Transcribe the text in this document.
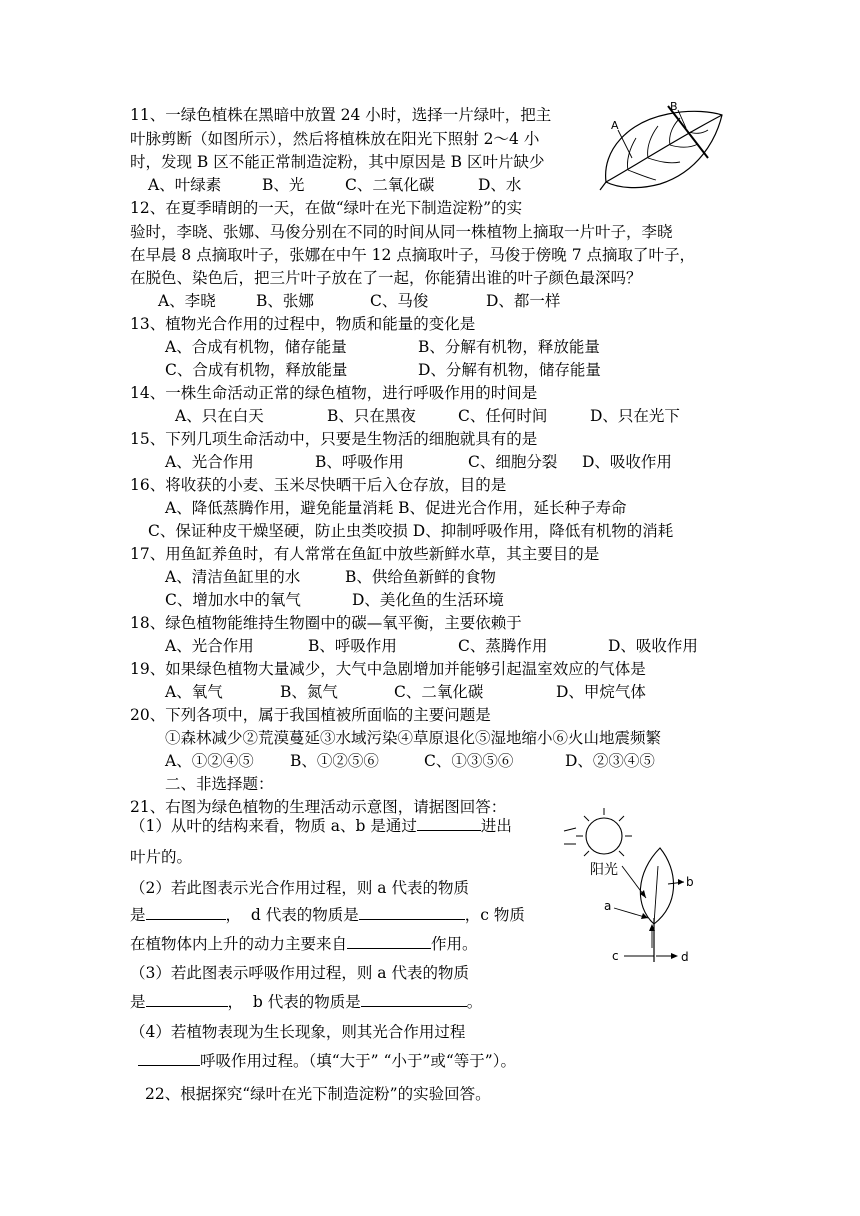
11、一绿色植株在黑暗中放置 24 小时，选择一片绿叶，把主
叶脉剪断（如图所示），然后将植株放在阳光下照射 2～4 小
时，发现 B 区不能正常制造淀粉，其中原因是 B 区叶片缺少
A、叶绿素	B、光	C、二氧化碳	D、水
A
B
12、在夏季晴朗的一天，在做“绿叶在光下制造淀粉”的实
验时，李晓、张娜、马俊分别在不同的时间从同一株植物上摘取一片叶子，李晓
在早晨 8 点摘取叶子，张娜在中午 12 点摘取叶子，马俊于傍晚 7 点摘取了叶子，
在脱色、染色后，把三片叶子放在了一起，你能猜出谁的叶子颜色最深吗？
A、李晓	B、张娜	C、马俊	D、都一样
13、植物光合作用的过程中，物质和能量的变化是
A、合成有机物，储存能量	B、分解有机物，释放能量
C、合成有机物，释放能量	D、分解有机物，储存能量
14、一株生命活动正常的绿色植物，进行呼吸作用的时间是
A、只在白天	B、只在黑夜	C、任何时间	D、只在光下
15、下列几项生命活动中，只要是生物活的细胞就具有的是
A、光合作用	B、呼吸作用	C、细胞分裂 D、吸收作用
16、将收获的小麦、玉米尽快晒干后入仓存放，目的是
A、降低蒸腾作用，避免能量消耗 B、促进光合作用，延长种子寿命
C、保证种皮干燥坚硬，防止虫类咬损 D、抑制呼吸作用，降低有机物的消耗
17、用鱼缸养鱼时，有人常常在鱼缸中放些新鲜水草，其主要目的是
A、清洁鱼缸里的水	B、供给鱼新鲜的食物
C、增加水中的氧气	D、美化鱼的生活环境
18、绿色植物能维持生物圈中的碳—氧平衡，主要依赖于
A、光合作用	B、呼吸作用	C、蒸腾作用	D、吸收作用
19、如果绿色植物大量减少，大气中急剧增加并能够引起温室效应的气体是
A、氧气	B、氮气	C、二氧化碳	D、甲烷气体
20、下列各项中，属于我国植被所面临的主要问题是
①森林减少②荒漠蔓延③水域污染④草原退化⑤湿地缩小⑥火山地震频繁
A、①②④⑤ B、①②⑤⑥	C、①③⑤⑥	D、②③④⑤
二、非选择题：
21、右图为绿色植物的生理活动示意图，请据图回答：
（1）从叶的结构来看，物质 a、b 是通过	进出
叶片的。
（2）若此图表示光合作用过程，则 a 代表的物质
是	，  d 代表的物质是	，c 物质
在植物体内上升的动力主要来自	作用。
（3）若此图表示呼吸作用过程，则 a 代表的物质
是	，  b 代表的物质是	。
（4）若植物表现为生长现象，则其光合作用过程
呼吸作用过程。（填“大于” “小于”或“等于”）。
阳光
a
b
c	d
22、根据探究“绿叶在光下制造淀粉”的实验回答。
